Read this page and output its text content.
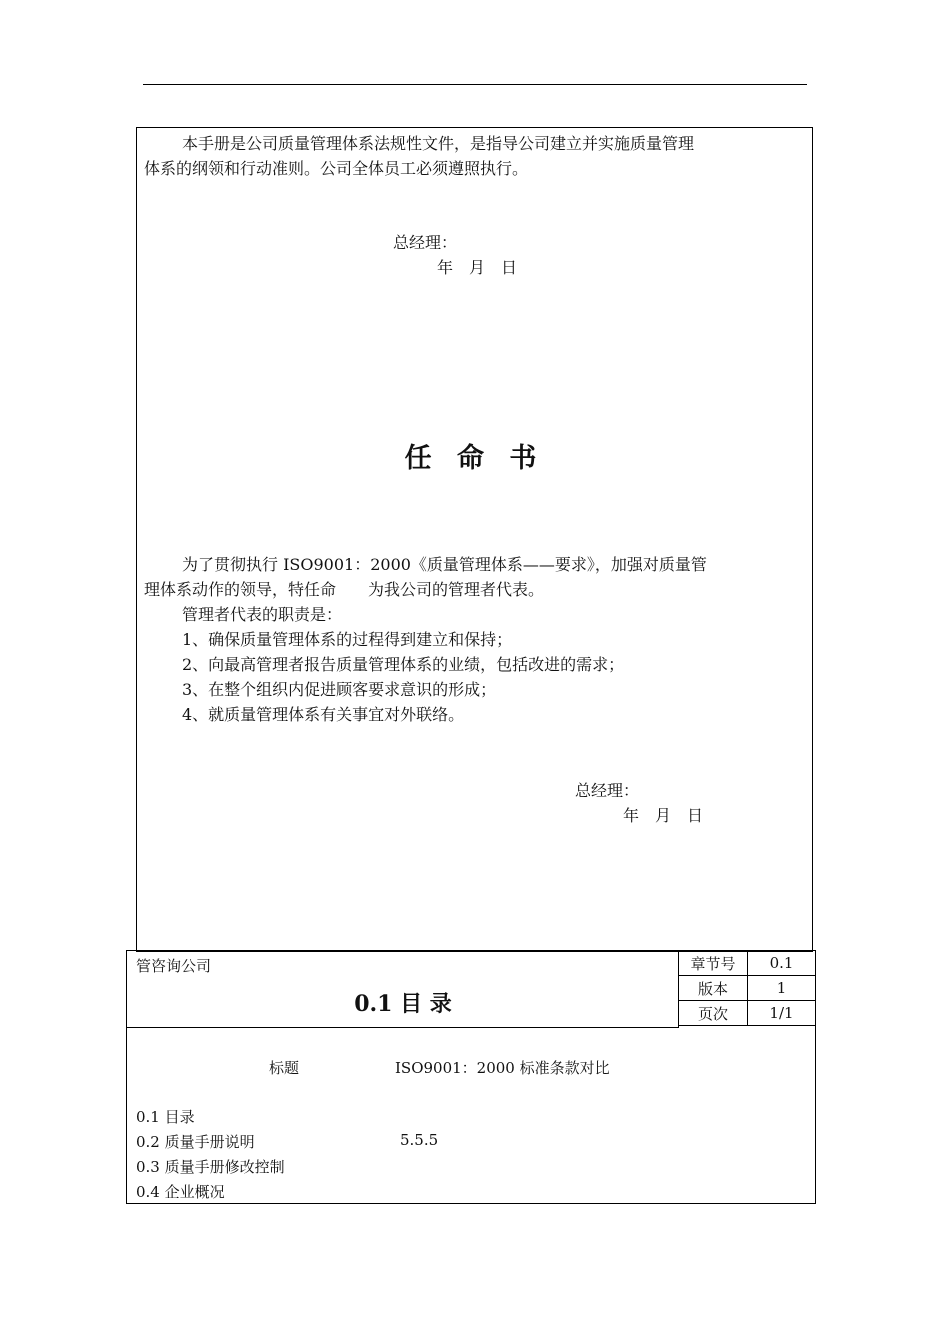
本手册是公司质量管理体系法规性文件，是指导公司建立并实施质量管理
体系的纲领和行动准则。公司全体员工必须遵照执行。
总经理：
年　月　日
任 命 书
为了贯彻执行 ISO9001：2000《质量管理体系——要求》，加强对质量管
理体系动作的领导，特任命　　为我公司的管理者代表。
管理者代表的职责是：
1、确保质量管理体系的过程得到建立和保持；
2、向最高管理者报告质量管理体系的业绩，包括改进的需求；
3、在整个组织内促进顾客要求意识的形成；
4、就质量管理体系有关事宜对外联络。
总经理：
年　月　日
管咨询公司
0.1 目 录
章节号	0.1
版本	1
页次	1/1
标题	ISO9001：2000 标准条款对比
0.1 目录
0.2 质量手册说明	5.5.5
0.3 质量手册修改控制
0.4 企业概况
